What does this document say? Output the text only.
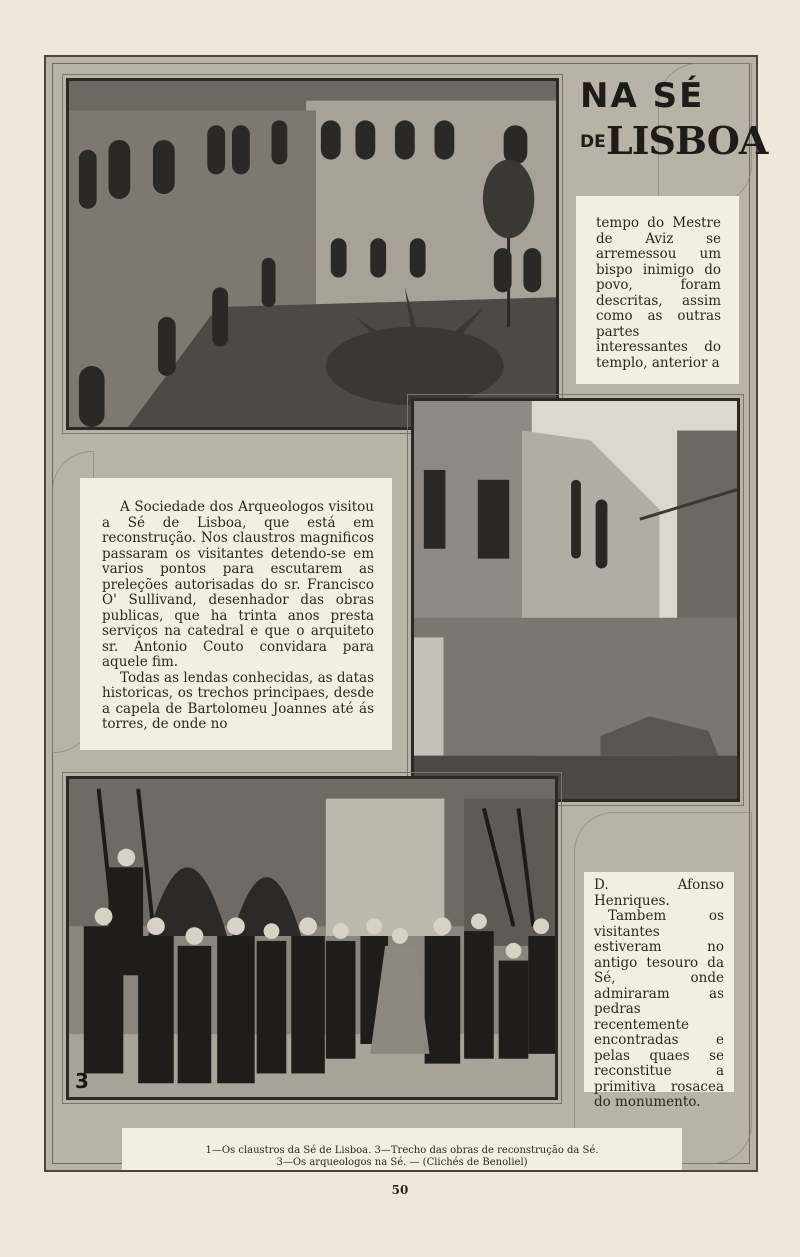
NA SÉ
DE LISBOA

tempo do Mestre de Aviz se arremessou um bispo inimigo do povo, foram descritas, assim como as outras partes interessantes do templo, anterior a

A Sociedade dos Arqueologos visitou a Sé de Lisboa, que está em reconstrução. Nos claustros magnificos passaram os visitantes detendo-se em varios pontos para escutarem as preleções autorisadas do sr. Francisco O' Sullivand, desenhador das obras publicas, que ha trinta anos presta serviços na catedral e que o arquiteto sr. Antonio Couto convidara para aquele fim.

Todas as lendas conhecidas, as datas historicas, os trechos principaes, desde a capela de Bartolomeu Joannes até ás torres, de onde no

3

D. Afonso Henriques.

Tambem os visitantes estiveram no antigo tesouro da Sé, onde admiraram as pedras recentemente encontradas e pelas quaes se reconstitue a primitiva rosacea do monumento.

1—Os claustros da Sé de Lisboa. 3—Trecho das obras de reconstrução da Sé.
3—Os arqueologos na Sé. — (Clichés de Benoliel)
50
